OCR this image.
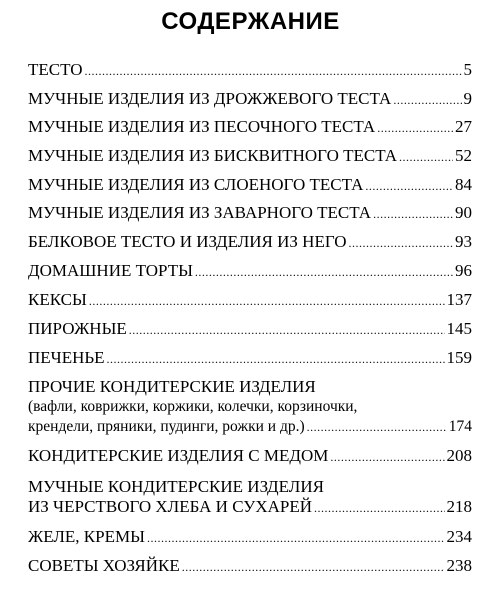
СОДЕРЖАНИЕ
ТЕСТО .....	5
МУЧНЫЕ ИЗДЕЛИЯ ИЗ ДРОЖЖЕВОГО ТЕСТА .....	9
МУЧНЫЕ ИЗДЕЛИЯ ИЗ ПЕСОЧНОГО ТЕСТА .....	27
МУЧНЫЕ ИЗДЕЛИЯ ИЗ БИСКВИТНОГО ТЕСТА .....	52
МУЧНЫЕ ИЗДЕЛИЯ ИЗ СЛОЕНОГО ТЕСТА .....	84
МУЧНЫЕ ИЗДЕЛИЯ ИЗ ЗАВАРНОГО ТЕСТА .....	90
БЕЛКОВОЕ ТЕСТО И ИЗДЕЛИЯ ИЗ НЕГО .....	93
ДОМАШНИЕ ТОРТЫ .....	96
КЕКСЫ .....	137
ПИРОЖНЫЕ .....	145
ПЕЧЕНЬЕ .....	159
ПРОЧИЕ КОНДИТЕРСКИЕ ИЗДЕЛИЯ
(вафли, коврижки, коржики, колечки, корзиночки,
крендели, пряники, пудинги, рожки и др.) .....	174
КОНДИТЕРСКИЕ ИЗДЕЛИЯ С МЕДОМ .....	208
МУЧНЫЕ КОНДИТЕРСКИЕ ИЗДЕЛИЯ
ИЗ ЧЕРСТВОГО ХЛЕБА И СУХАРЕЙ .....	218
ЖЕЛЕ, КРЕМЫ .....	234
СОВЕТЫ ХОЗЯЙКЕ .....	238
